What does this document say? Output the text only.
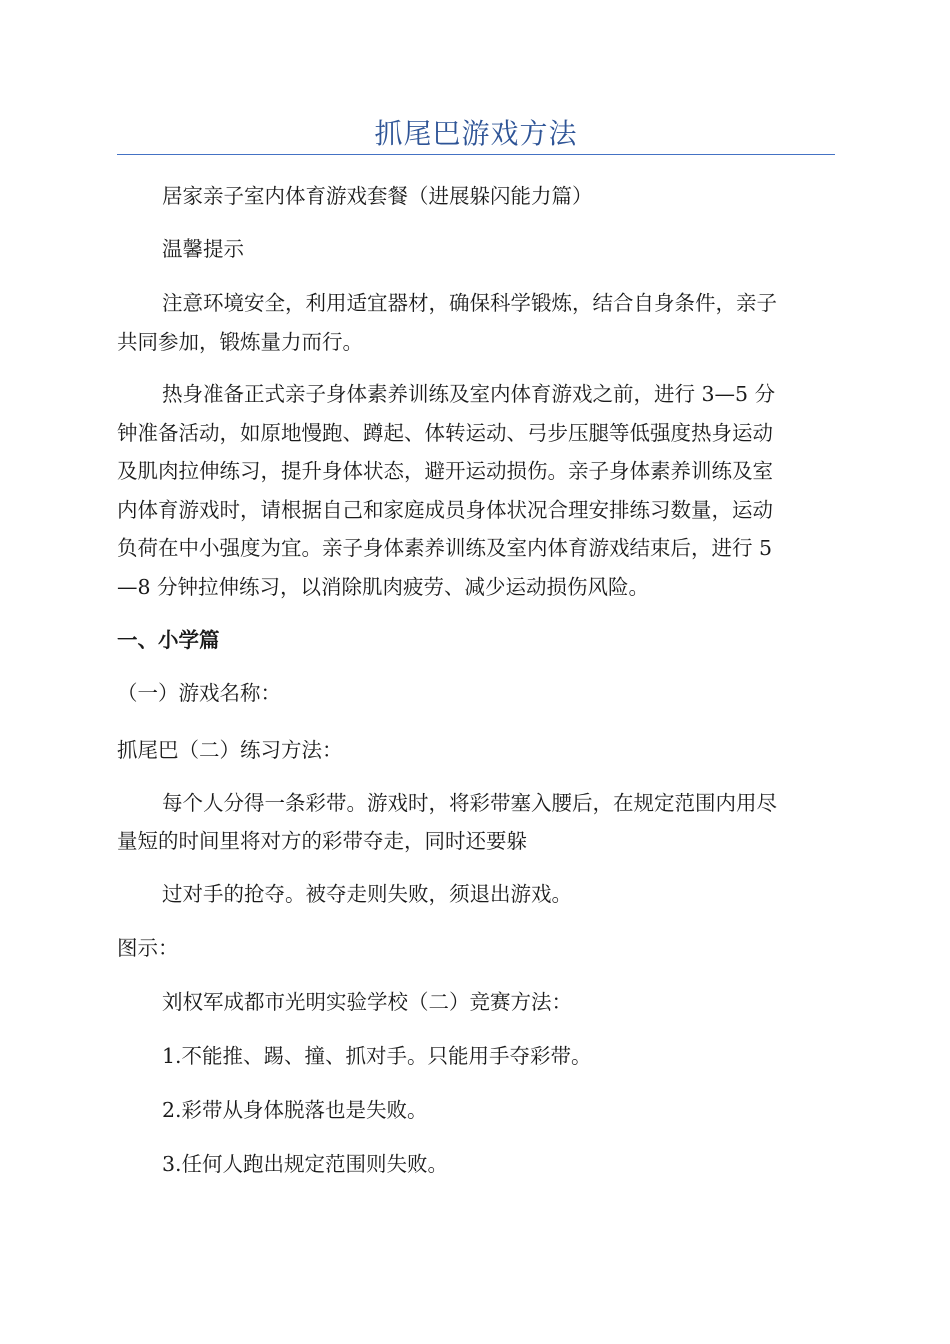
抓尾巴游戏方法

居家亲子室内体育游戏套餐（进展躲闪能力篇）

温馨提示

注意环境安全，利用适宜器材，确保科学锻炼，结合自身条件，亲子

共同参加，锻炼量力而行。

热身准备正式亲子身体素养训练及室内体育游戏之前，进行 3—5 分

钟准备活动，如原地慢跑、蹲起、体转运动、弓步压腿等低强度热身运动

及肌肉拉伸练习，提升身体状态，避开运动损伤。亲子身体素养训练及室

内体育游戏时，请根据自己和家庭成员身体状况合理安排练习数量，运动

负荷在中小强度为宜。亲子身体素养训练及室内体育游戏结束后，进行 5

—8 分钟拉伸练习，以消除肌肉疲劳、减少运动损伤风险。

一、小学篇

（一）游戏名称：

抓尾巴（二）练习方法：

每个人分得一条彩带。游戏时，将彩带塞入腰后，在规定范围内用尽

量短的时间里将对方的彩带夺走，同时还要躲

过对手的抢夺。被夺走则失败，须退出游戏。

图示：

刘权军成都市光明实验学校（二）竞赛方法：

1.不能推、踢、撞、抓对手。只能用手夺彩带。

2.彩带从身体脱落也是失败。

3.任何人跑出规定范围则失败。
